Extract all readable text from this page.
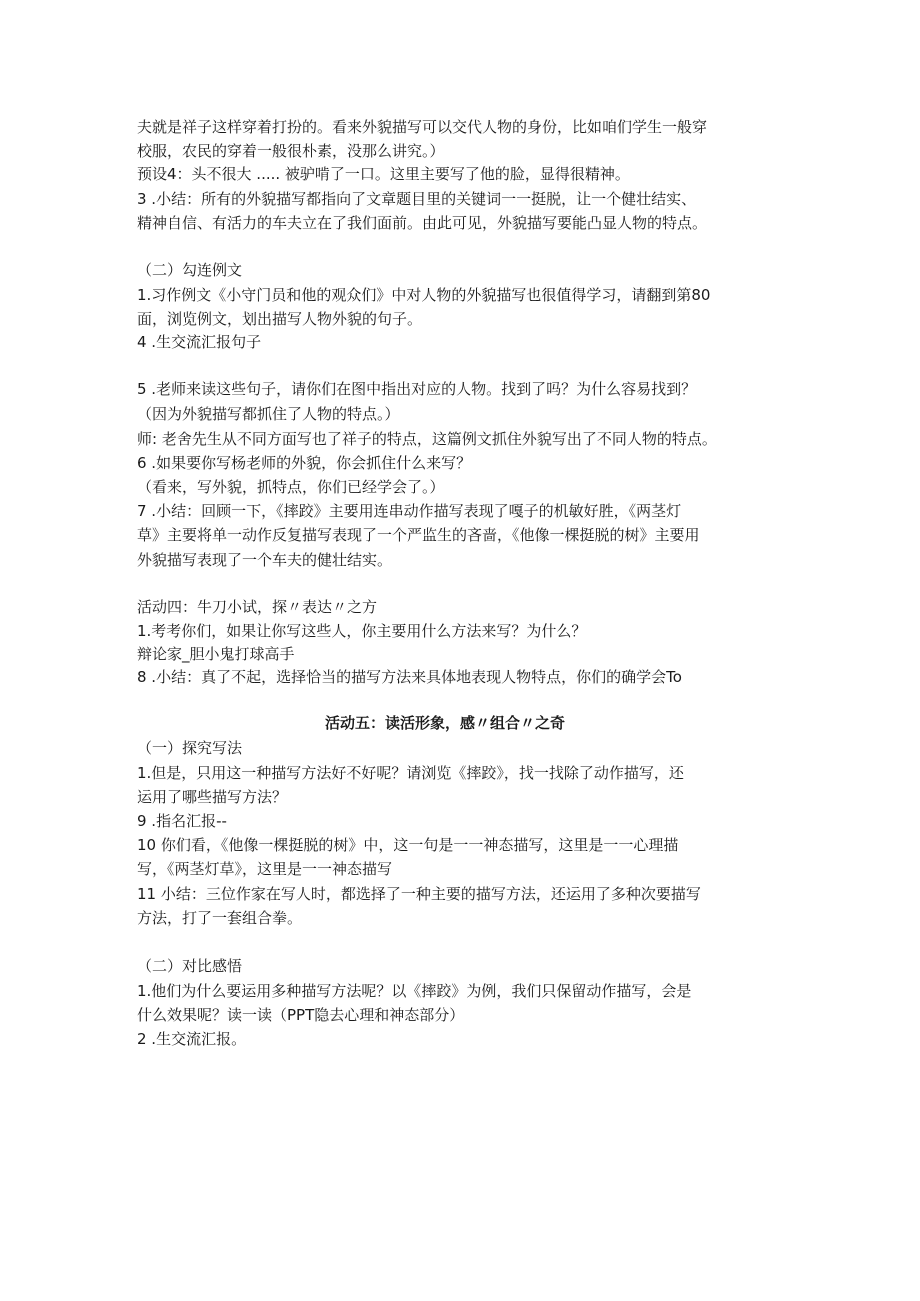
夫就是祥子这样穿着打扮的。看来外貌描写可以交代人物的身份，比如咱们学生一般穿

校服，农民的穿着一般很朴素，没那么讲究。）

预设4：头不很大 ..... 被驴啃了一口。这里主要写了他的脸，显得很精神。

3 .小结：所有的外貌描写都指向了文章题目里的关键词一一挺脱，让一个健壮结实、

精神自信、有活力的车夫立在了我们面前。由此可见，外貌描写要能凸显人物的特点。

（二）勾连例文

1.习作例文《小守门员和他的观众们》中对人物的外貌描写也很值得学习，请翻到第80

面，浏览例文，划出描写人物外貌的句子。

4 .生交流汇报句子

5 .老师来读这些句子，请你们在图中指出对应的人物。找到了吗？为什么容易找到？

（因为外貌描写都抓住了人物的特点。）

师: 老舍先生从不同方面写也了祥子的特点，这篇例文抓住外貌写出了不同人物的特点。

6 .如果要你写杨老师的外貌，你会抓住什么来写？

（看来，写外貌，抓特点，你们已经学会了。）

7 .小结：回顾一下，《摔跤》主要用连串动作描写表现了嘎子的机敏好胜，《两茎灯

草》主要将单一动作反复描写表现了一个严监生的吝啬，《他像一棵挺脱的树》主要用

外貌描写表现了一个车夫的健壮结实。

活动四：牛刀小试，探〃表达〃之方

1.考考你们，如果让你写这些人，你主要用什么方法来写？为什么？

辩论家_胆小鬼打球高手

8 .小结：真了不起，选择恰当的描写方法来具体地表现人物特点，你们的确学会To

活动五：读活形象，感〃组合〃之奇

（一）探究写法

1.但是，只用这一种描写方法好不好呢？请浏览《摔跤》，找一找除了动作描写，还

运用了哪些描写方法？

9 .指名汇报--

10 你们看，《他像一棵挺脱的树》中，这一句是一一神态描写，这里是一一心理描

写，《两茎灯草》，这里是一一神态描写

11 小结：三位作家在写人时，都选择了一种主要的描写方法，还运用了多种次要描写

方法，打了一套组合拳。

（二）对比感悟

1.他们为什么要运用多种描写方法呢？以《摔跤》为例，我们只保留动作描写，会是

什么效果呢？读一读（PPT隐去心理和神态部分）

2 .生交流汇报。
